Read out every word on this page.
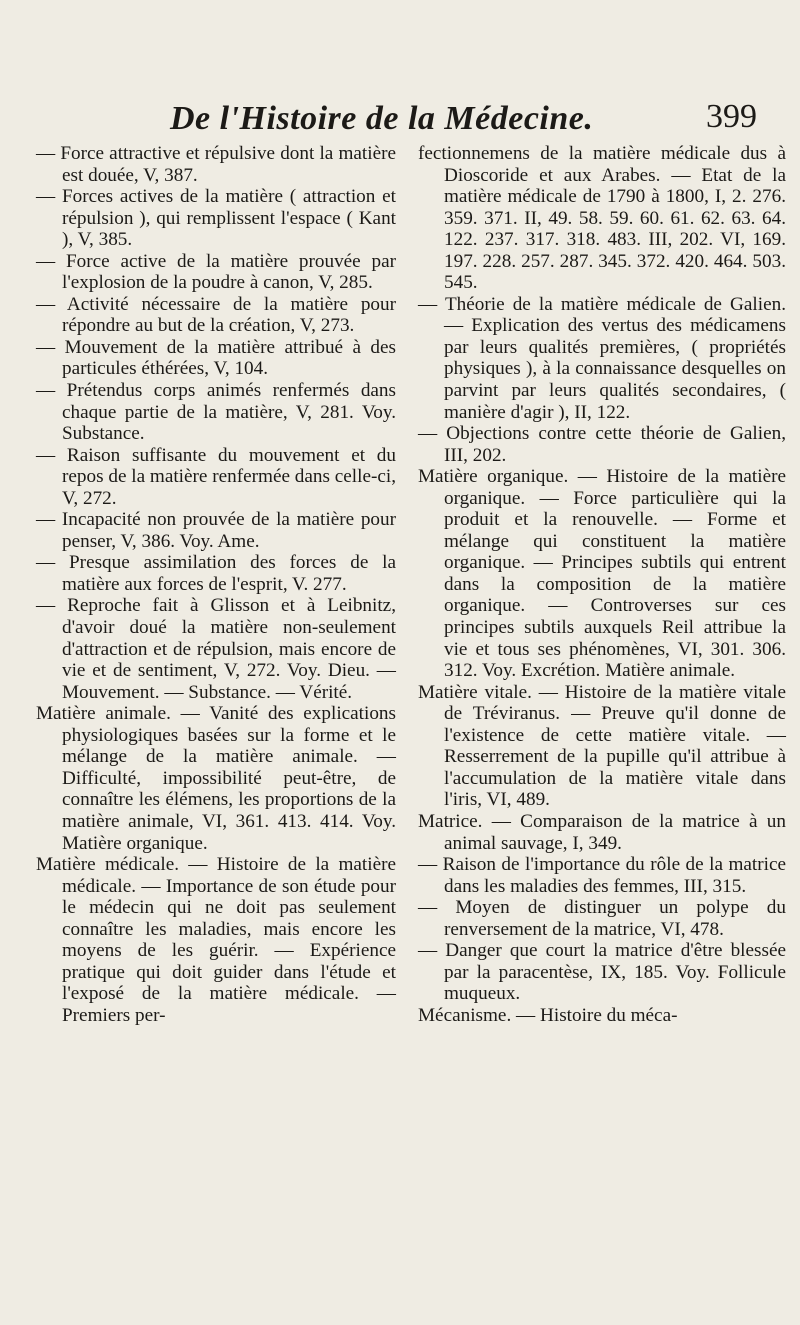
De l'Histoire de la Médecine.	399

— Force attractive et répulsive dont la matière est douée, V, 387.

— Forces actives de la matière ( attraction et répulsion ), qui remplissent l'espace ( Kant ), V, 385.

— Force active de la matière prouvée par l'explosion de la poudre à canon, V, 285.

— Activité nécessaire de la matière pour répondre au but de la création, V, 273.

— Mouvement de la matière attribué à des particules éthérées, V, 104.

— Prétendus corps animés renfermés dans chaque partie de la matière, V, 281. Voy. Substance.

— Raison suffisante du mouvement et du repos de la matière renfermée dans celle-ci, V, 272.

— Incapacité non prouvée de la matière pour penser, V, 386. Voy. Ame.

— Presque assimilation des forces de la matière aux forces de l'esprit, V. 277.

— Reproche fait à Glisson et à Leibnitz, d'avoir doué la matière non-seulement d'attraction et de répulsion, mais encore de vie et de sentiment, V, 272. Voy. Dieu. — Mouvement. — Substance. — Vérité.

Matière animale. — Vanité des explications physiologiques basées sur la forme et le mélange de la matière animale. — Difficulté, impossibilité peut-être, de connaître les élémens, les proportions de la matière animale, VI, 361. 413. 414. Voy. Matière organique.

Matière médicale. — Histoire de la matière médicale. — Importance de son étude pour le médecin qui ne doit pas seulement connaître les maladies, mais encore les moyens de les guérir. — Expérience pratique qui doit guider dans l'étude et l'exposé de la matière médicale. — Premiers per-

fectionnemens de la matière médicale dus à Dioscoride et aux Arabes. — Etat de la matière médicale de 1790 à 1800, I, 2. 276. 359. 371. II, 49. 58. 59. 60. 61. 62. 63. 64. 122. 237. 317. 318. 483. III, 202. VI, 169. 197. 228. 257. 287. 345. 372. 420. 464. 503. 545.

— Théorie de la matière médicale de Galien. — Explication des vertus des médicamens par leurs qualités premières, ( propriétés physiques ), à la connaissance desquelles on parvint par leurs qualités secondaires, ( manière d'agir ), II, 122.

— Objections contre cette théorie de Galien, III, 202.

Matière organique. — Histoire de la matière organique. — Force particulière qui la produit et la renouvelle. — Forme et mélange qui constituent la matière organique. — Principes subtils qui entrent dans la composition de la matière organique. — Controverses sur ces principes subtils auxquels Reil attribue la vie et tous ses phénomènes, VI, 301. 306. 312. Voy. Excrétion. Matière animale.

Matière vitale. — Histoire de la matière vitale de Tréviranus. — Preuve qu'il donne de l'existence de cette matière vitale. — Resserrement de la pupille qu'il attribue à l'accumulation de la matière vitale dans l'iris, VI, 489.

Matrice. — Comparaison de la matrice à un animal sauvage, I, 349.

— Raison de l'importance du rôle de la matrice dans les maladies des femmes, III, 315.

— Moyen de distinguer un polype du renversement de la matrice, VI, 478.

— Danger que court la matrice d'être blessée par la paracentèse, IX, 185. Voy. Follicule muqueux.

Mécanisme. — Histoire du méca-
